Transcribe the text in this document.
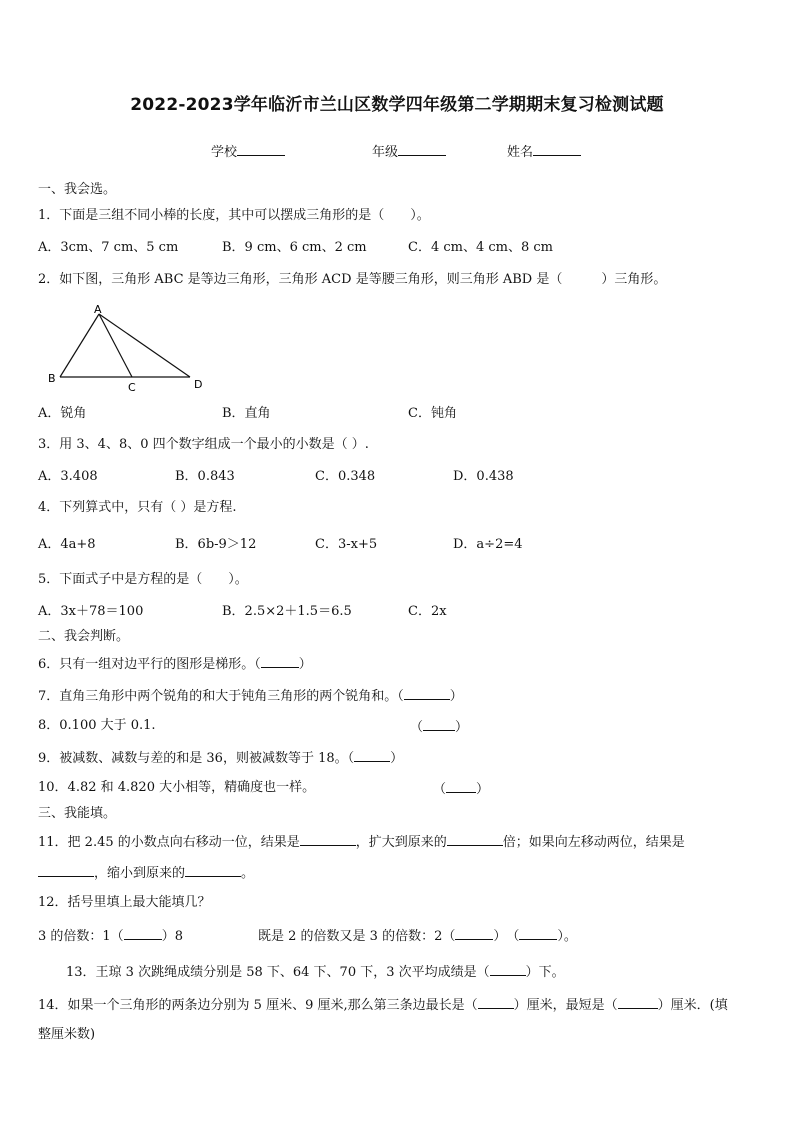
2022-2023学年临沂市兰山区数学四年级第二学期期末复习检测试题
学校	年级	姓名
一、我会选。
1．下面是三组不同小棒的长度，其中可以摆成三角形的是（　　）。
A．3cm、7 cm、5 cm	B．9 cm、6 cm、2 cm	C．4 cm、4 cm、8 cm
2．如下图，三角形 ABC 是等边三角形，三角形 ACD 是等腰三角形，则三角形 ABD 是（　　　）三角形。
A
B
C	D
A．锐角	B．直角	C．钝角
3．用 3、4、8、0 四个数字组成一个最小的小数是（ ）.
A．3.408	B．0.843	C．0.348	D．0.438
4．下列算式中，只有（ ）是方程.
A．4a+8	B．6b-9＞12	C．3-x+5	D．a÷2=4
5．下面式子中是方程的是（　　）。
A．3x＋78＝100	B．2.5×2＋1.5＝6.5	C．2x
二、我会判断。
6．只有一组对边平行的图形是梯形。（	）
7．直角三角形中两个锐角的和大于钝角三角形的两个锐角和。（	）
8．0.100 大于 0.1.	（ ）
9．被减数、减数与差的和是 36，则被减数等于 18。（	）
10．4.82 和 4.820 大小相等，精确度也一样。	（ ）
三、我能填。
11．把 2.45 的小数点向右移动一位，结果是	，扩大到原来的	倍；如果向左移动两位，结果是
，缩小到原来的	。
12．括号里填上最大能填几？
3 的倍数：1（	）8	既是 2 的倍数又是 3 的倍数：2（	）　（	）。
13．王琼 3 次跳绳成绩分别是 58 下、64 下、70 下，3 次平均成绩是（	）下。
14．如果一个三角形的两条边分别为 5 厘米、9 厘米,那么第三条边最长是（	）厘米，最短是（	）厘米．(填
整厘米数)
